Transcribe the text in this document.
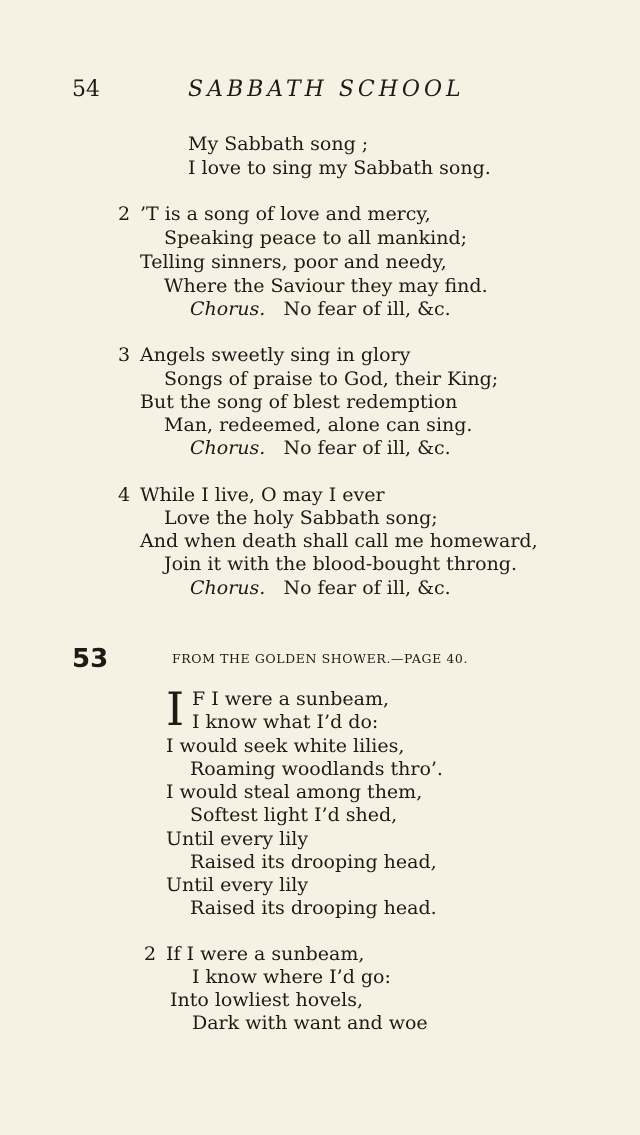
54	SABBATH SCHOOL
My Sabbath song ;
I love to sing my Sabbath song.
2 ’T is a song of love and mercy,
Speaking peace to all mankind;
Telling sinners, poor and needy,
Where the Saviour they may find.
Chorus. No fear of ill, &c.
3 Angels sweetly sing in glory
Songs of praise to God, their King;
But the song of blest redemption
Man, redeemed, alone can sing.
Chorus. No fear of ill, &c.
4 While I live, O may I ever
Love the holy Sabbath song;
And when death shall call me homeward,
Join it with the blood-bought throng.
Chorus. No fear of ill, &c.
53	FROM THE GOLDEN SHOWER.—PAGE 40.
I F I were a sunbeam,
I know what I’d do:
I would seek white lilies,
Roaming woodlands thro’.
I would steal among them,
Softest light I’d shed,
Until every lily
Raised its drooping head,
Until every lily
Raised its drooping head.
2 If I were a sunbeam,
I know where I’d go:
Into lowliest hovels,
Dark with want and woe
